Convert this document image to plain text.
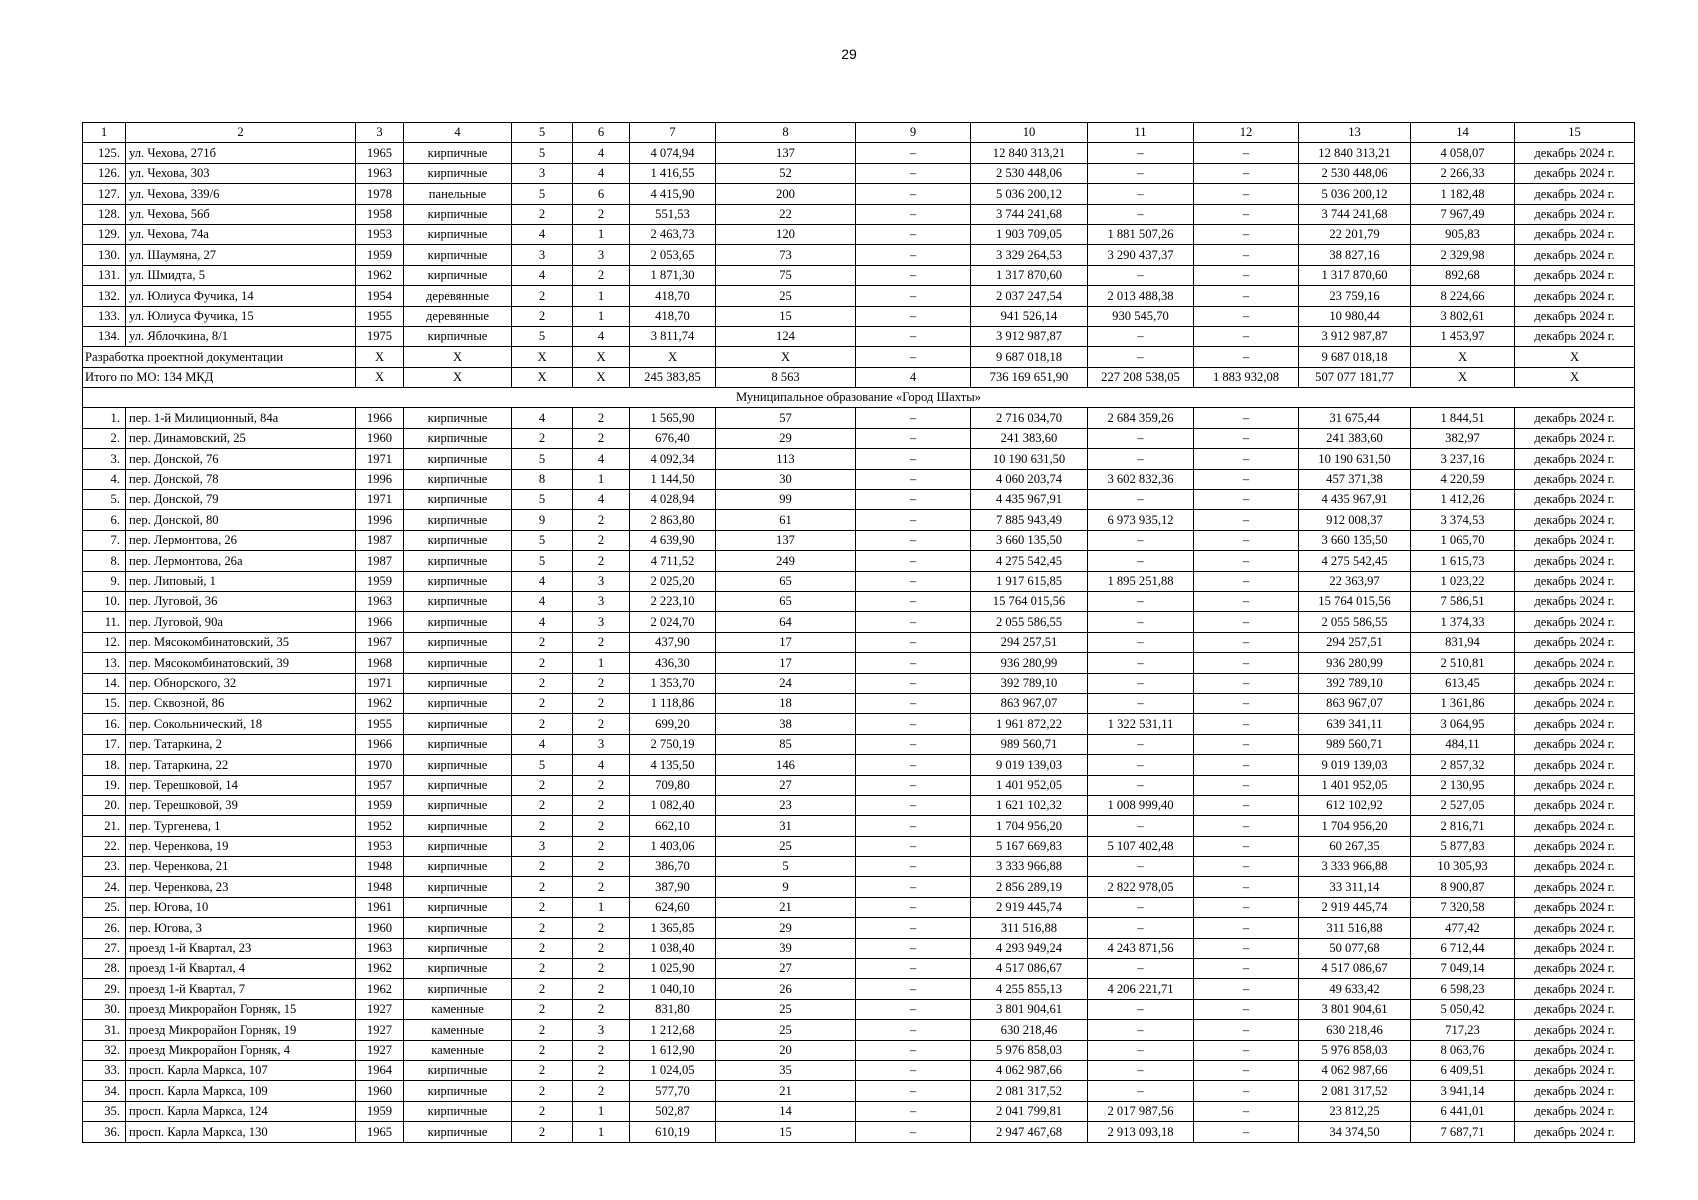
29
1	2	3	4	5	6	7	8	9	10	11	12	13	14	15
125.	ул. Чехова, 271б	1965	кирпичные	5	4	4 074,94	137	–	12 840 313,21	–	–	12 840 313,21	4 058,07	декабрь 2024 г.
126.	ул. Чехова, 303	1963	кирпичные	3	4	1 416,55	52	–	2 530 448,06	–	–	2 530 448,06	2 266,33	декабрь 2024 г.
127.	ул. Чехова, 339/6	1978	панельные	5	6	4 415,90	200	–	5 036 200,12	–	–	5 036 200,12	1 182,48	декабрь 2024 г.
128.	ул. Чехова, 56б	1958	кирпичные	2	2	551,53	22	–	3 744 241,68	–	–	3 744 241,68	7 967,49	декабрь 2024 г.
129.	ул. Чехова, 74а	1953	кирпичные	4	1	2 463,73	120	–	1 903 709,05	1 881 507,26	–	22 201,79	905,83	декабрь 2024 г.
130.	ул. Шаумяна, 27	1959	кирпичные	3	3	2 053,65	73	–	3 329 264,53	3 290 437,37	–	38 827,16	2 329,98	декабрь 2024 г.
131.	ул. Шмидта, 5	1962	кирпичные	4	2	1 871,30	75	–	1 317 870,60	–	–	1 317 870,60	892,68	декабрь 2024 г.
132.	ул. Юлиуса Фучика, 14	1954	деревянные	2	1	418,70	25	–	2 037 247,54	2 013 488,38	–	23 759,16	8 224,66	декабрь 2024 г.
133.	ул. Юлиуса Фучика, 15	1955	деревянные	2	1	418,70	15	–	941 526,14	930 545,70	–	10 980,44	3 802,61	декабрь 2024 г.
134.	ул. Яблочкина, 8/1	1975	кирпичные	5	4	3 811,74	124	–	3 912 987,87	–	–	3 912 987,87	1 453,97	декабрь 2024 г.
Разработка проектной документации		X	X	X	X	X	X	–	9 687 018,18	–	–	9 687 018,18	X	X
Итого по МО: 134 МКД		X	X	X	X	245 383,85	8 563	4	736 169 651,90	227 208 538,05	1 883 932,08	507 077 181,77	X	X
Муниципальное образование «Город Шахты»														
1.	пер. 1-й Милиционный, 84а	1966	кирпичные	4	2	1 565,90	57	–	2 716 034,70	2 684 359,26	–	31 675,44	1 844,51	декабрь 2024 г.
2.	пер. Динамовский, 25	1960	кирпичные	2	2	676,40	29	–	241 383,60	–	–	241 383,60	382,97	декабрь 2024 г.
3.	пер. Донской, 76	1971	кирпичные	5	4	4 092,34	113	–	10 190 631,50	–	–	10 190 631,50	3 237,16	декабрь 2024 г.
4.	пер. Донской, 78	1996	кирпичные	8	1	1 144,50	30	–	4 060 203,74	3 602 832,36	–	457 371,38	4 220,59	декабрь 2024 г.
5.	пер. Донской, 79	1971	кирпичные	5	4	4 028,94	99	–	4 435 967,91	–	–	4 435 967,91	1 412,26	декабрь 2024 г.
6.	пер. Донской, 80	1996	кирпичные	9	2	2 863,80	61	–	7 885 943,49	6 973 935,12	–	912 008,37	3 374,53	декабрь 2024 г.
7.	пер. Лермонтова, 26	1987	кирпичные	5	2	4 639,90	137	–	3 660 135,50	–	–	3 660 135,50	1 065,70	декабрь 2024 г.
8.	пер. Лермонтова, 26а	1987	кирпичные	5	2	4 711,52	249	–	4 275 542,45	–	–	4 275 542,45	1 615,73	декабрь 2024 г.
9.	пер. Липовый, 1	1959	кирпичные	4	3	2 025,20	65	–	1 917 615,85	1 895 251,88	–	22 363,97	1 023,22	декабрь 2024 г.
10.	пер. Луговой, 36	1963	кирпичные	4	3	2 223,10	65	–	15 764 015,56	–	–	15 764 015,56	7 586,51	декабрь 2024 г.
11.	пер. Луговой, 90а	1966	кирпичные	4	3	2 024,70	64	–	2 055 586,55	–	–	2 055 586,55	1 374,33	декабрь 2024 г.
12.	пер. Мясокомбинатовский, 35	1967	кирпичные	2	2	437,90	17	–	294 257,51	–	–	294 257,51	831,94	декабрь 2024 г.
13.	пер. Мясокомбинатовский, 39	1968	кирпичные	2	1	436,30	17	–	936 280,99	–	–	936 280,99	2 510,81	декабрь 2024 г.
14.	пер. Обнорского, 32	1971	кирпичные	2	2	1 353,70	24	–	392 789,10	–	–	392 789,10	613,45	декабрь 2024 г.
15.	пер. Сквозной, 86	1962	кирпичные	2	2	1 118,86	18	–	863 967,07	–	–	863 967,07	1 361,86	декабрь 2024 г.
16.	пер. Сокольнический, 18	1955	кирпичные	2	2	699,20	38	–	1 961 872,22	1 322 531,11	–	639 341,11	3 064,95	декабрь 2024 г.
17.	пер. Татаркина, 2	1966	кирпичные	4	3	2 750,19	85	–	989 560,71	–	–	989 560,71	484,11	декабрь 2024 г.
18.	пер. Татаркина, 22	1970	кирпичные	5	4	4 135,50	146	–	9 019 139,03	–	–	9 019 139,03	2 857,32	декабрь 2024 г.
19.	пер. Терешковой, 14	1957	кирпичные	2	2	709,80	27	–	1 401 952,05	–	–	1 401 952,05	2 130,95	декабрь 2024 г.
20.	пер. Терешковой, 39	1959	кирпичные	2	2	1 082,40	23	–	1 621 102,32	1 008 999,40	–	612 102,92	2 527,05	декабрь 2024 г.
21.	пер. Тургенева, 1	1952	кирпичные	2	2	662,10	31	–	1 704 956,20	–	–	1 704 956,20	2 816,71	декабрь 2024 г.
22.	пер. Черенкова, 19	1953	кирпичные	3	2	1 403,06	25	–	5 167 669,83	5 107 402,48	–	60 267,35	5 877,83	декабрь 2024 г.
23.	пер. Черенкова, 21	1948	кирпичные	2	2	386,70	5	–	3 333 966,88	–	–	3 333 966,88	10 305,93	декабрь 2024 г.
24.	пер. Черенкова, 23	1948	кирпичные	2	2	387,90	9	–	2 856 289,19	2 822 978,05	–	33 311,14	8 900,87	декабрь 2024 г.
25.	пер. Югова, 10	1961	кирпичные	2	1	624,60	21	–	2 919 445,74	–	–	2 919 445,74	7 320,58	декабрь 2024 г.
26.	пер. Югова, 3	1960	кирпичные	2	2	1 365,85	29	–	311 516,88	–	–	311 516,88	477,42	декабрь 2024 г.
27.	проезд 1-й Квартал, 23	1963	кирпичные	2	2	1 038,40	39	–	4 293 949,24	4 243 871,56	–	50 077,68	6 712,44	декабрь 2024 г.
28.	проезд 1-й Квартал, 4	1962	кирпичные	2	2	1 025,90	27	–	4 517 086,67	–	–	4 517 086,67	7 049,14	декабрь 2024 г.
29.	проезд 1-й Квартал, 7	1962	кирпичные	2	2	1 040,10	26	–	4 255 855,13	4 206 221,71	–	49 633,42	6 598,23	декабрь 2024 г.
30.	проезд Микрорайон Горняк, 15	1927	каменные	2	2	831,80	25	–	3 801 904,61	–	–	3 801 904,61	5 050,42	декабрь 2024 г.
31.	проезд Микрорайон Горняк, 19	1927	каменные	2	3	1 212,68	25	–	630 218,46	–	–	630 218,46	717,23	декабрь 2024 г.
32.	проезд Микрорайон Горняк, 4	1927	каменные	2	2	1 612,90	20	–	5 976 858,03	–	–	5 976 858,03	8 063,76	декабрь 2024 г.
33.	просп. Карла Маркса, 107	1964	кирпичные	2	2	1 024,05	35	–	4 062 987,66	–	–	4 062 987,66	6 409,51	декабрь 2024 г.
34.	просп. Карла Маркса, 109	1960	кирпичные	2	2	577,70	21	–	2 081 317,52	–	–	2 081 317,52	3 941,14	декабрь 2024 г.
35.	просп. Карла Маркса, 124	1959	кирпичные	2	1	502,87	14	–	2 041 799,81	2 017 987,56	–	23 812,25	6 441,01	декабрь 2024 г.
36.	просп. Карла Маркса, 130	1965	кирпичные	2	1	610,19	15	–	2 947 467,68	2 913 093,18	–	34 374,50	7 687,71	декабрь 2024 г.
